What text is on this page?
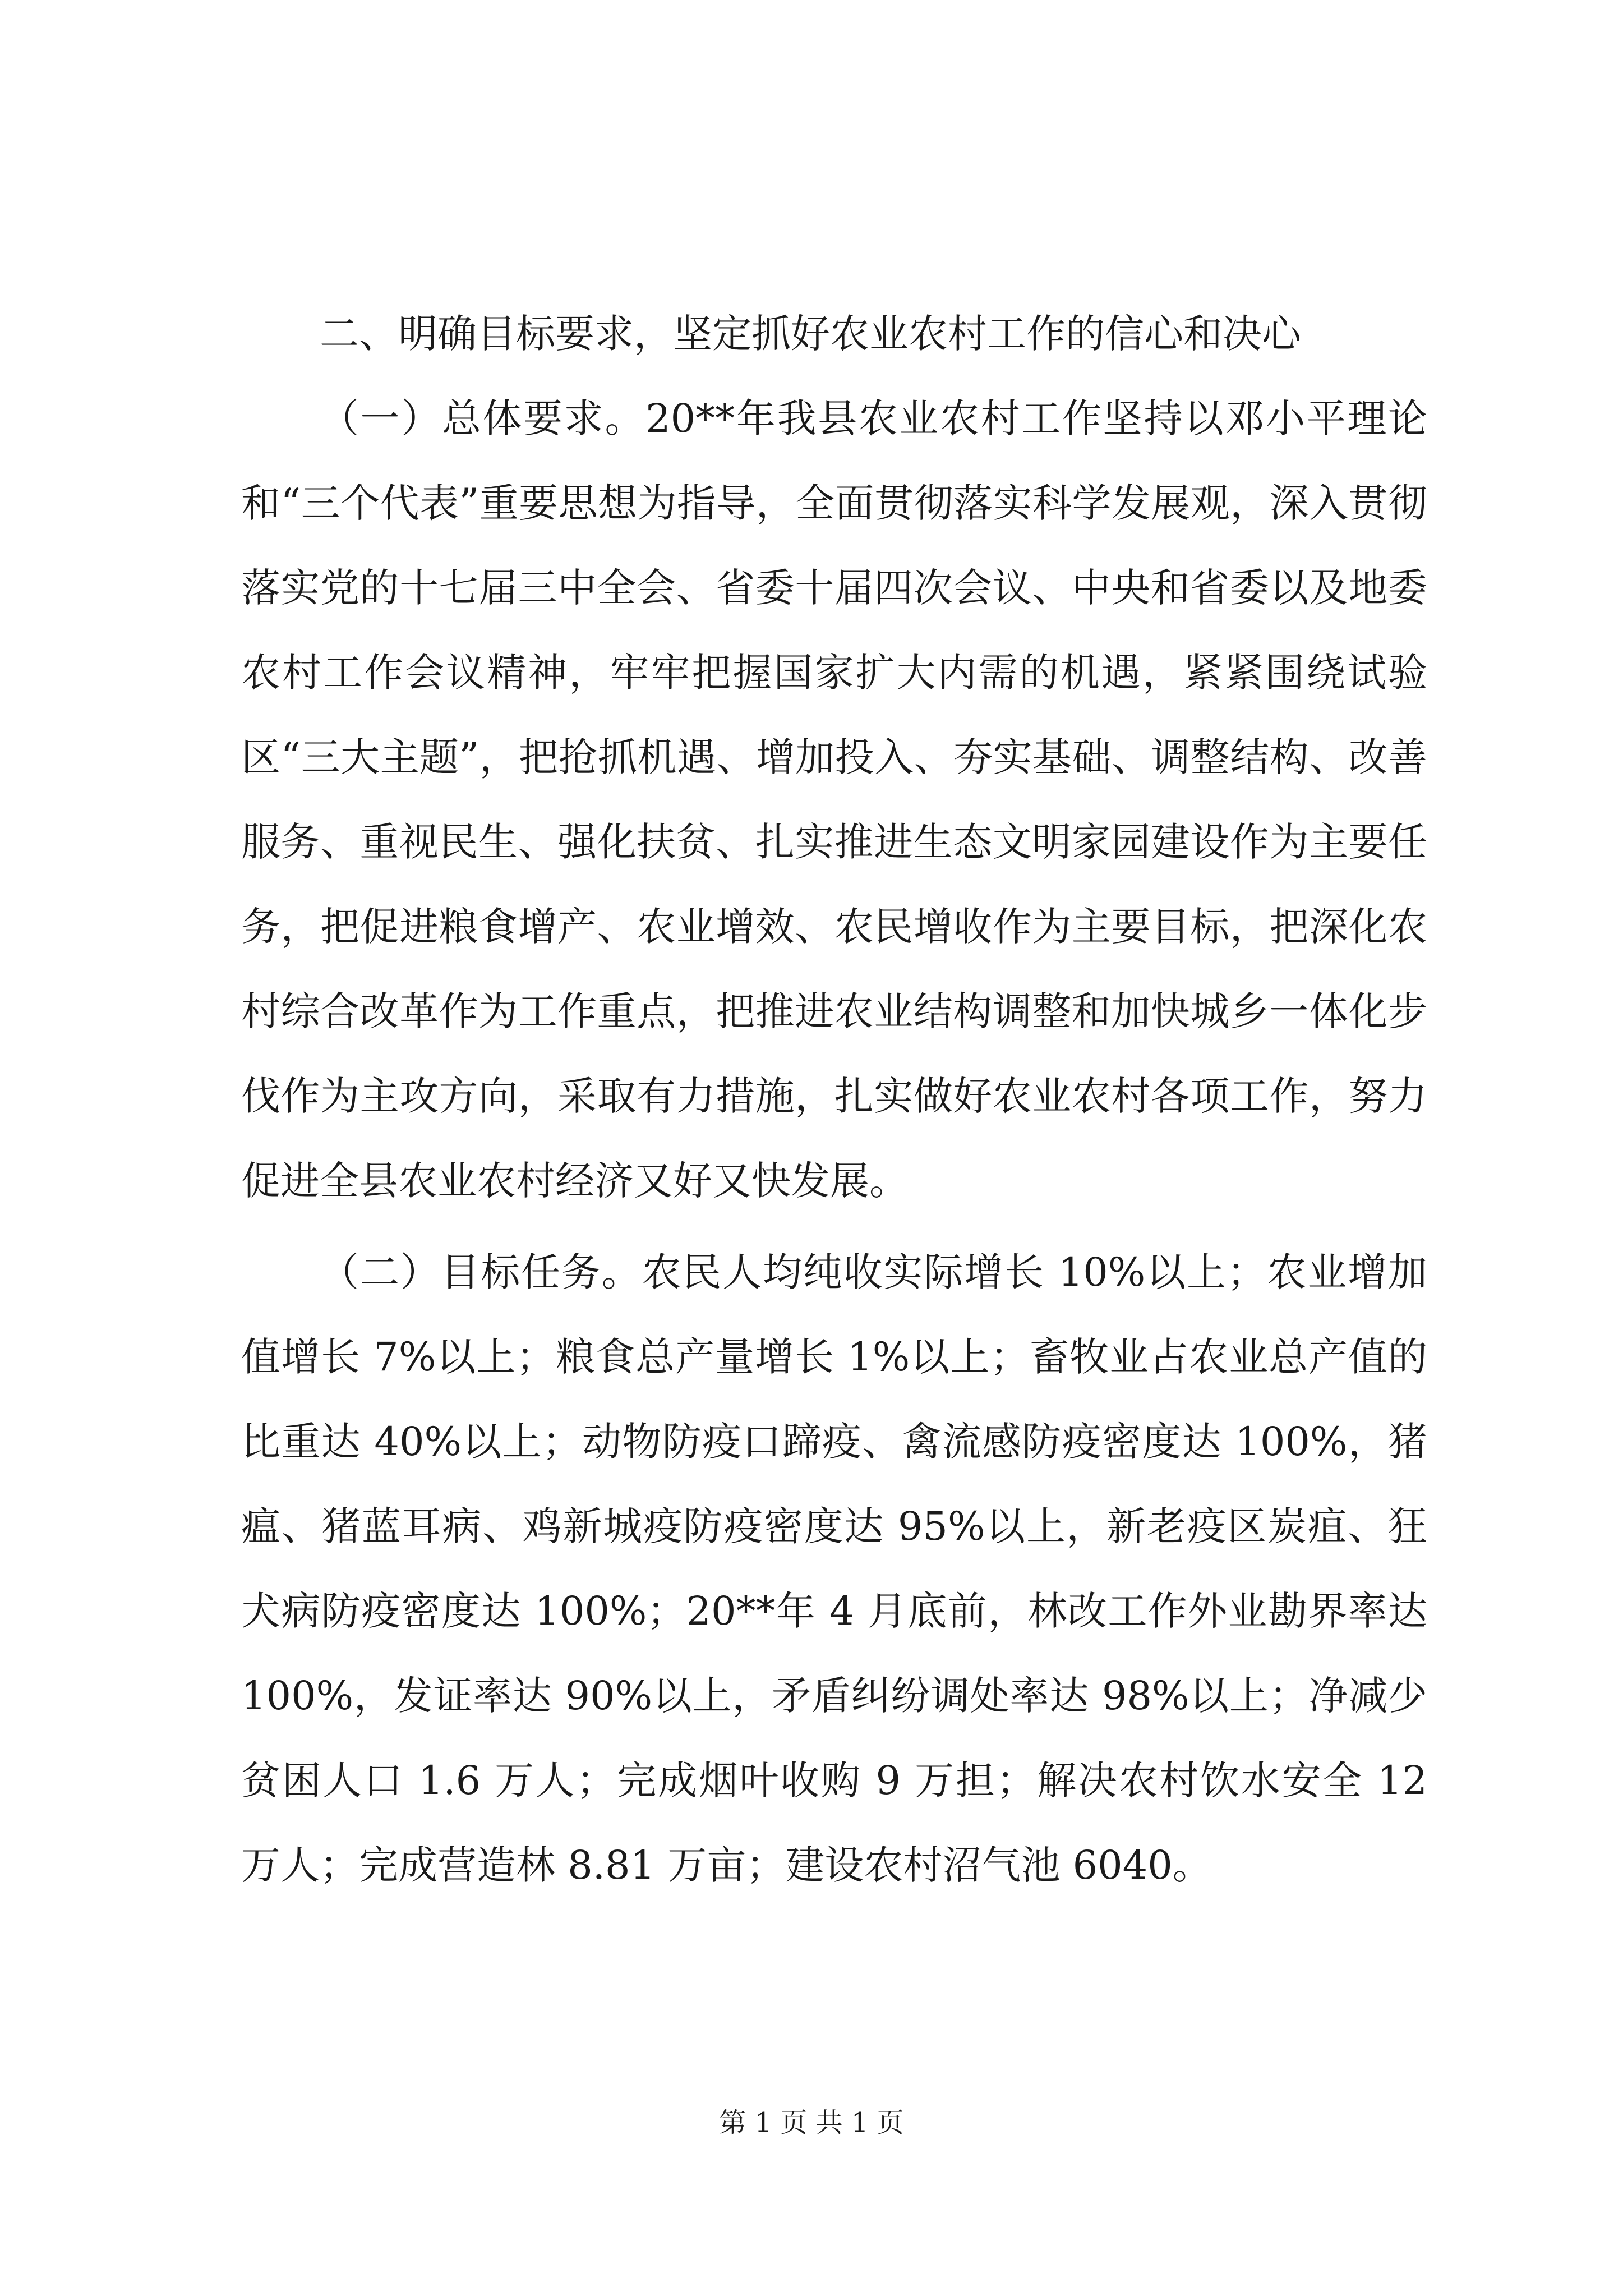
二、明确目标要求，坚定抓好农业农村工作的信心和决心

（一）总体要求。20**年我县农业农村工作坚持以邓小平理论和“三个代表”重要思想为指导，全面贯彻落实科学发展观，深入贯彻落实党的十七届三中全会、省委十届四次会议、中央和省委以及地委农村工作会议精神，牢牢把握国家扩大内需的机遇，紧紧围绕试验区“三大主题”，把抢抓机遇、增加投入、夯实基础、调整结构、改善服务、重视民生、强化扶贫、扎实推进生态文明家园建设作为主要任务，把促进粮食增产、农业增效、农民增收作为主要目标，把深化农村综合改革作为工作重点，把推进农业结构调整和加快城乡一体化步伐作为主攻方向，采取有力措施，扎实做好农业农村各项工作，努力促进全县农业农村经济又好又快发展。

（二）目标任务。农民人均纯收实际增长 10%以上；农业增加值增长 7%以上；粮食总产量增长 1%以上；畜牧业占农业总产值的比重达 40%以上；动物防疫口蹄疫、禽流感防疫密度达 100%，猪瘟、猪蓝耳病、鸡新城疫防疫密度达 95%以上，新老疫区炭疽、狂犬病防疫密度达 100%；20**年 4 月底前，林改工作外业勘界率达 100%，发证率达 90%以上，矛盾纠纷调处率达 98%以上；净减少贫困人口 1.6 万人；完成烟叶收购 9 万担；解决农村饮水安全 12 万人；完成营造林 8.81 万亩；建设农村沼气池 6040。

第 1 页 共 1 页
